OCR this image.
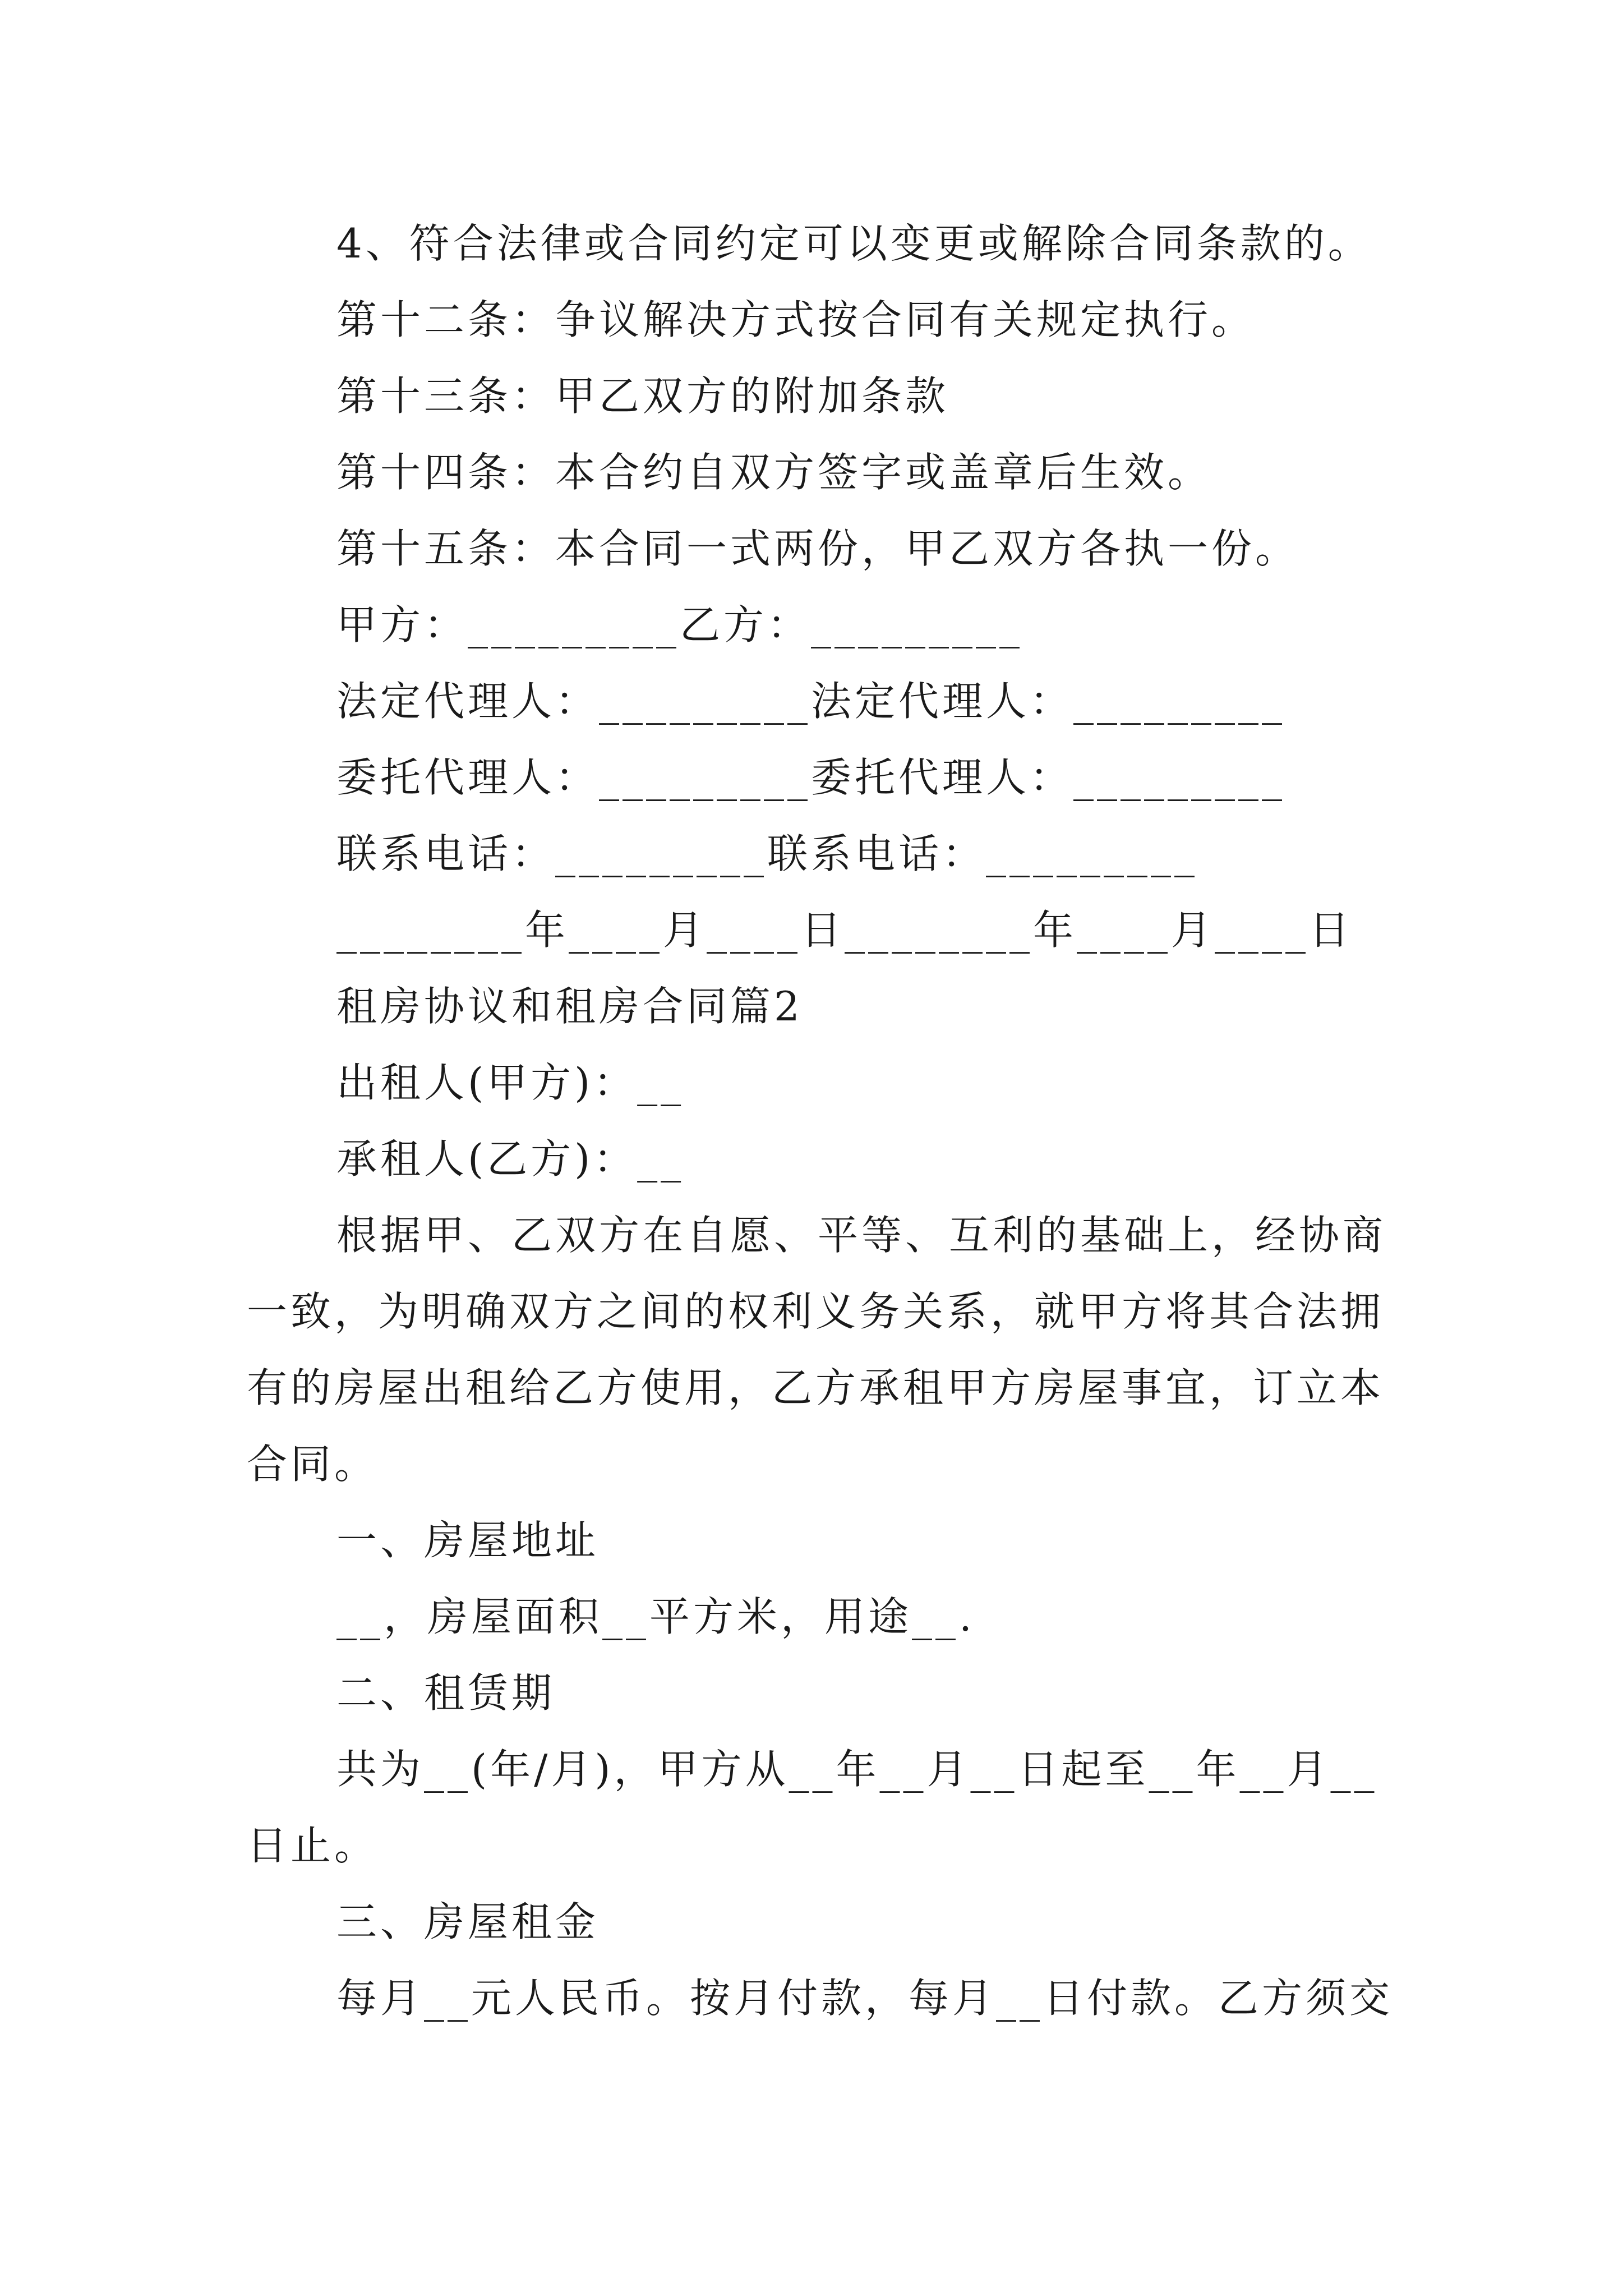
4、符合法律或合同约定可以变更或解除合同条款的。

第十二条：争议解决方式按合同有关规定执行。

第十三条：甲乙双方的附加条款

第十四条：本合约自双方签字或盖章后生效。

第十五条：本合同一式两份，甲乙双方各执一份。

甲方：_________乙方：_________

法定代理人：_________法定代理人：_________

委托代理人：_________委托代理人：_________

联系电话：_________联系电话：_________

________年____月____日________年____月____日

租房协议和租房合同篇2

出租人(甲方)：__

承租人(乙方)：__

根据甲、乙双方在自愿、平等、互利的基础上，经协商

一致，为明确双方之间的权利义务关系，就甲方将其合法拥

有的房屋出租给乙方使用，乙方承租甲方房屋事宜，订立本

合同。

一、房屋地址

__，房屋面积__平方米，用途__.

二、租赁期

共为__(年/月)，甲方从__年__月__日起至__年__月__

日止。

三、房屋租金

每月__元人民币。按月付款，每月__日付款。乙方须交
